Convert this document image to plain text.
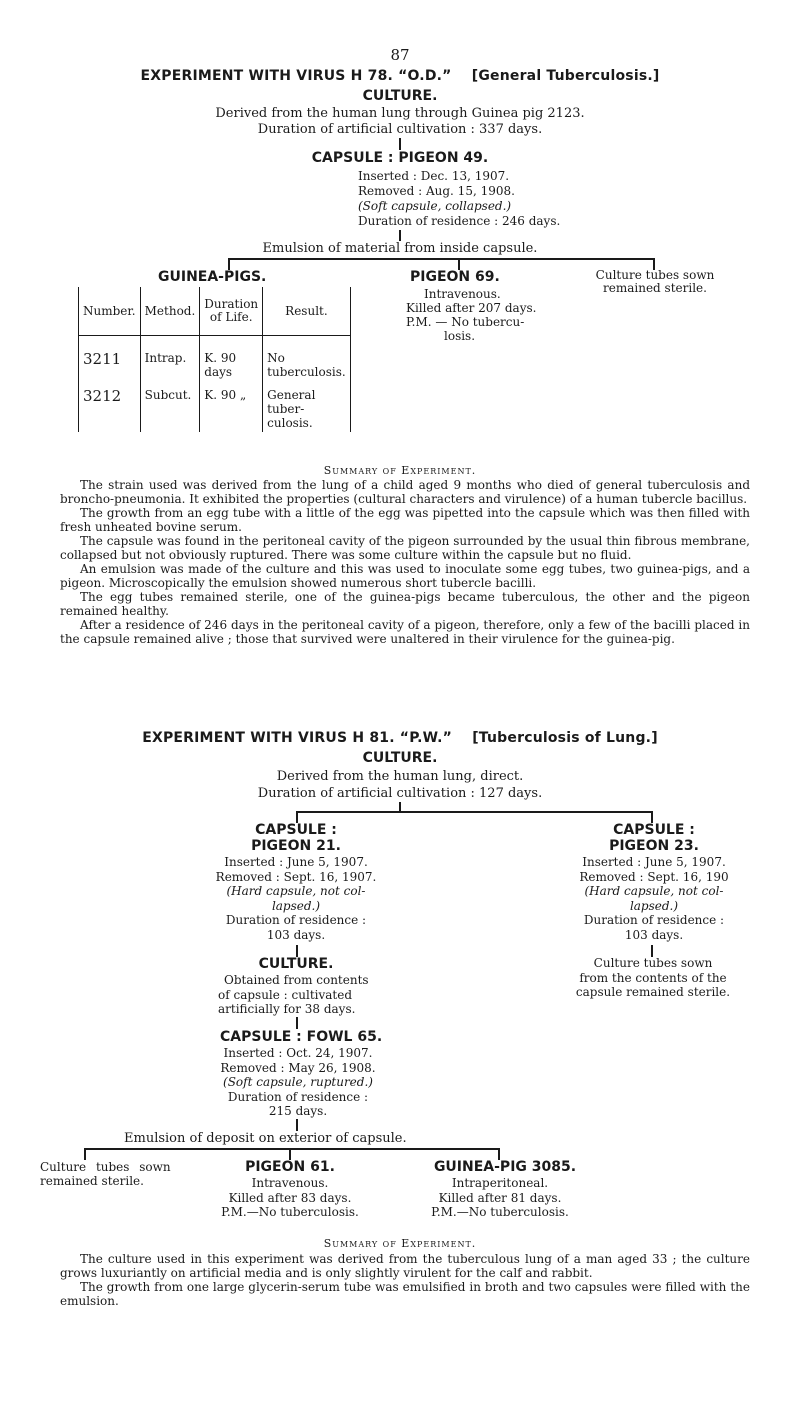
87
EXPERIMENT WITH VIRUS H 78. “O.D.” [General Tuberculosis.]
CULTURE.
Derived from the human lung through Guinea pig 2123.
Duration of artificial cultivation : 337 days.
CAPSULE : PIGEON 49.
Inserted : Dec. 13, 1907.
Removed : Aug. 15, 1908.
(Soft capsule, collapsed.)
Duration of residence : 246 days.
Emulsion of material from inside capsule.
GUINEA-PIGS.
Number.	Method.	Duration of Life.	Result.
3211	Intrap.	K. 90 days	No tuberculosis.
3212	Subcut.	K. 90 „	General tuber-culosis.
PIGEON 69.
Intravenous.
Killed after 207 days.
P.M. — No tubercu-
losis.
Culture tubes sown
remained sterile.
Summary of Experiment.
The strain used was derived from the lung of a child aged 9 months who died of general tuberculosis and broncho-pneumonia. It exhibited the properties (cultural characters and virulence) of a human tubercle bacillus.
The growth from an egg tube with a little of the egg was pipetted into the capsule which was then filled with fresh unheated bovine serum.
The capsule was found in the peritoneal cavity of the pigeon surrounded by the usual thin fibrous membrane, collapsed but not obviously ruptured. There was some culture within the capsule but no fluid.
An emulsion was made of the culture and this was used to inoculate some egg tubes, two guinea-pigs, and a pigeon. Microscopically the emulsion showed numerous short tubercle bacilli.
The egg tubes remained sterile, one of the guinea-pigs became tuberculous, the other and the pigeon remained healthy.
After a residence of 246 days in the peritoneal cavity of a pigeon, therefore, only a few of the bacilli placed in the capsule remained alive ; those that survived were unaltered in their virulence for the guinea-pig.
EXPERIMENT WITH VIRUS H 81. “P.W.” [Tuberculosis of Lung.]
CULTURE.
Derived from the human lung, direct.
Duration of artificial cultivation : 127 days.
CAPSULE :
PIGEON 21.
Inserted : June 5, 1907.
Removed : Sept. 16, 1907.
(Hard capsule, not col-
lapsed.)
Duration of residence :
103 days.
CAPSULE :
PIGEON 23.
Inserted : June 5, 1907.
Removed : Sept. 16, 190
(Hard capsule, not col-
lapsed.)
Duration of residence :
103 days.
CULTURE.
Obtained from contents
of capsule : cultivated
artificially for 38 days.
Culture tubes sown
from the contents of the
capsule remained sterile.
CAPSULE : FOWL 65.
Inserted : Oct. 24, 1907.
Removed : May 26, 1908.
(Soft capsule, ruptured.)
Duration of residence :
215 days.
Emulsion of deposit on exterior of capsule.
Culture tubes sown
remained sterile.
PIGEON 61.
Intravenous.
Killed after 83 days.
P.M.—No tuberculosis.
GUINEA-PIG 3085.
Intraperitoneal.
Killed after 81 days.
P.M.—No tuberculosis.
Summary of Experiment.
The culture used in this experiment was derived from the tuberculous lung of a man aged 33 ; the culture grows luxuriantly on artificial media and is only slightly virulent for the calf and rabbit.
The growth from one large glycerin-serum tube was emulsified in broth and two capsules were filled with the emulsion.
